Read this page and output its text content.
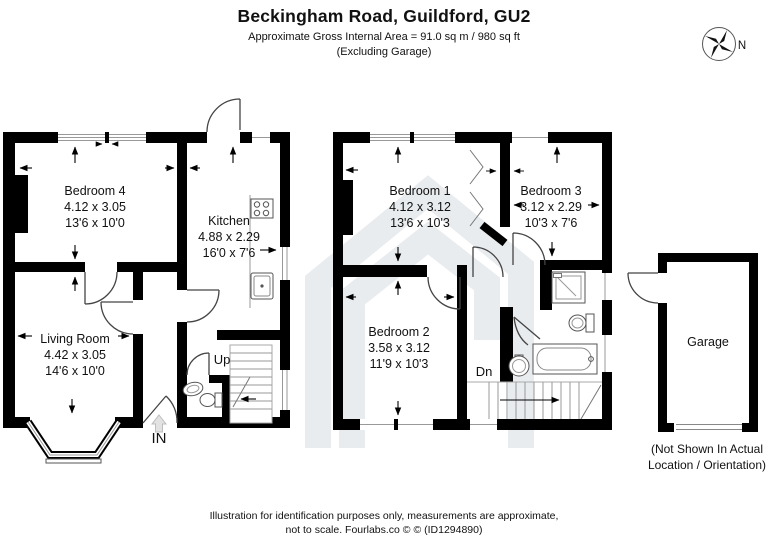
Beckingham Road, Guildford, GU2
Approximate Gross Internal Area = 91.0 sq m / 980 sq ft
(Excluding Garage)	N
Bedroom 4
4.12 x 3.05
13'6 x 10'0	Kitchen
4.88 x 2.29
16'0 x 7'6
Living Room
4.42 x 3.05
14'6 x 10'0
Bedroom 1
4.12 x 3.12
13'6 x 10'3
Bedroom 3
3.12 x 2.29
10'3 x 7'6
Bedroom 2
3.58 x 3.12
11'9 x 10'3
Garage
Up
Dn
IN
(Not Shown In Actual
Location / Orientation)
Illustration for identification purposes only, measurements are approximate,
not to scale. Fourlabs.co © © (ID1294890)
